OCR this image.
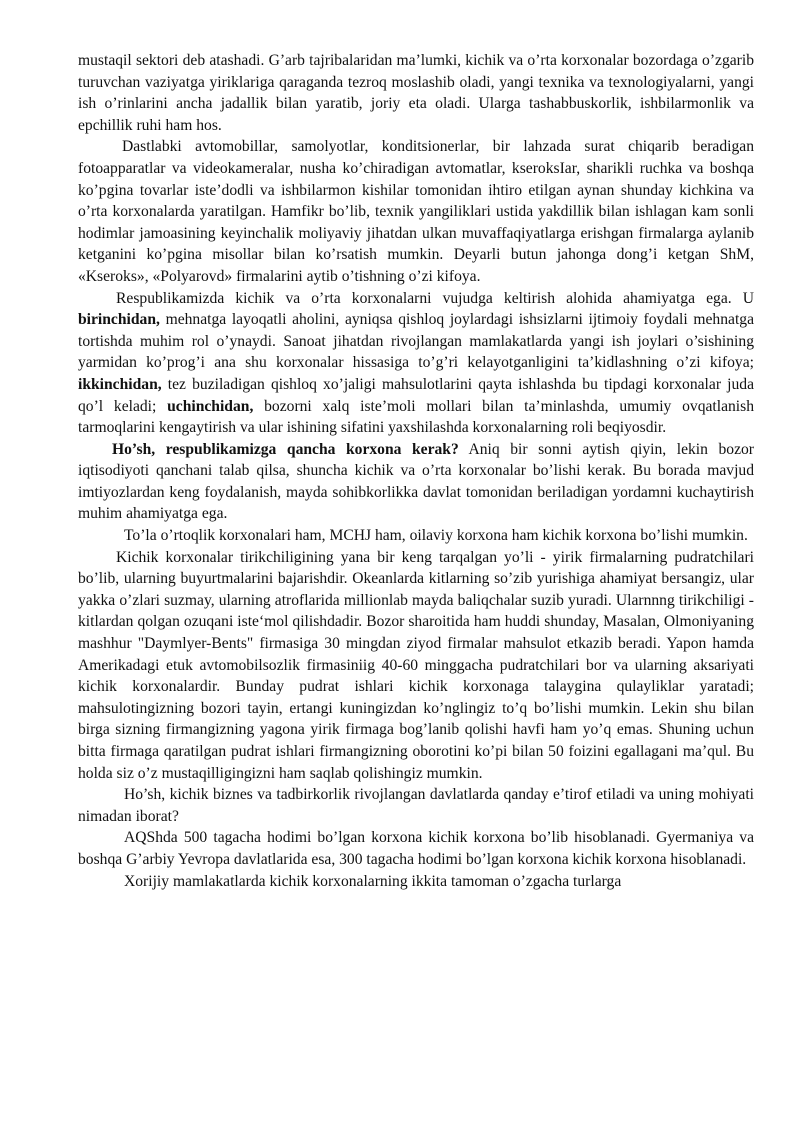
mustaqil sektori deb atashadi. G’arb tajribalaridan ma’lumki, kichik va o’rta korxonalar bozordaga o’zgarib turuvchan vaziyatga yiriklariga qaraganda tezroq moslashib oladi, yangi texnika va texnologiyalarni, yangi ish o’rinlarini ancha jadallik bilan yaratib, joriy eta oladi. Ularga tashabbuskorlik, ishbilarmonlik va epchillik ruhi ham hos.

Dastlabki avtomobillar, samolyotlar, konditsionerlar, bir lahzada surat chiqarib beradigan fotoapparatlar va videokameralar, nusha ko’chiradigan avtomatlar, kseroksIar, sharikli ruchka va boshqa ko’pgina tovarlar iste’dodli va ishbilarmon kishilar tomonidan ihtiro etilgan aynan shunday kichkina va o’rta korxonalarda yaratilgan. Hamfikr bo’lib, texnik yangiliklari ustida yakdillik bilan ishlagan kam sonli hodimlar jamoasining keyinchalik moliyaviy jihatdan ulkan muvaffaqiyatlarga erishgan firmalarga aylanib ketganini ko’pgina misollar bilan ko’rsatish mumkin. Deyarli butun jahonga dong’i ketgan ShM, «Kseroks», «Polyarovd» firmalarini aytib o’tishning o’zi kifoya.

Respublikamizda kichik va o’rta korxonalarni vujudga keltirish alohida ahamiyatga ega. U birinchidan, mehnatga layoqatli aholini, ayniqsa qishloq joylardagi ishsizlarni ijtimoiy foydali mehnatga tortishda muhim rol o’ynaydi. Sanoat jihatdan rivojlangan mamlakatlarda yangi ish joylari o’sishining yarmidan ko’prog’i ana shu korxonalar hissasiga to’g’ri kelayotganligini ta’kidlashning o’zi kifoya; ikkinchidan, tez buziladigan qishloq xo’jaligi mahsulotlarini qayta ishlashda bu tipdagi korxonalar juda qo’l keladi; uchinchidan, bozorni xalq iste’moli mollari bilan ta’minlashda, umumiy ovqatlanish tarmoqlarini kengaytirish va ular ishining sifatini yaxshilashda korxonalarning roli beqiyosdir.

Ho’sh, respublikamizga qancha korxona kerak? Aniq bir sonni aytish qiyin, lekin bozor iqtisodiyoti qanchani talab qilsa, shuncha kichik va o’rta korxonalar bo’lishi kerak. Bu borada mavjud imtiyozlardan keng foydalanish, mayda sohibkorlikka davlat tomonidan beriladigan yordamni kuchaytirish muhim ahamiyatga ega.

To’la o’rtoqlik korxonalari ham, MCHJ ham, oilaviy korxona ham kichik korxona bo’lishi mumkin.

Kichik korxonalar tirikchiligining yana bir keng tarqalgan yo’li - yirik firmalarning pudratchilari bo’lib, ularning buyurtmalarini bajarishdir. Okeanlarda kitlarning so’zib yurishiga ahamiyat bersangiz, ular yakka o’zlari suzmay, ularning atroflarida millionlab mayda baliqchalar suzib yuradi. Ularnnng tirikchiligi - kitlardan qolgan ozuqani iste‘mol qilishdadir. Bozor sharoitida ham huddi shunday, Masalan, Olmoniyaning mashhur "Daymlyer-Bents" firmasiga 30 mingdan ziyod firmalar mahsulot etkazib beradi. Yapon hamda Amerikadagi etuk avtomobilsozlik firmasiniig 40-60 minggacha pudratchilari bor va ularning aksariyati kichik korxonalardir. Bunday pudrat ishlari kichik korxonaga talaygina qulayliklar yaratadi; mahsulotingizning bozori tayin, ertangi kuningizdan ko’nglingiz to’q bo’lishi mumkin. Lekin shu bilan birga sizning firmangizning yagona yirik firmaga bog’lanib qolishi havfi ham yo’q emas. Shuning uchun bitta firmaga qaratilgan pudrat ishlari firmangizning oborotini ko’pi bilan 50 foizini egallagani ma’qul. Bu holda siz o’z mustaqilligingizni ham saqlab qolishingiz mumkin.

Ho’sh, kichik biznes va tadbirkorlik rivojlangan davlatlarda qanday e’tirof etiladi va uning mohiyati nimadan iborat?

AQShda 500 tagacha hodimi bo’lgan korxona kichik korxona bo’lib hisoblanadi. Gyermaniya va boshqa G’arbiy Yevropa davlatlarida esa, 300 tagacha hodimi bo’lgan korxona kichik korxona hisoblanadi.

Xorijiy mamlakatlarda kichik korxonalarning ikkita tamoman o’zgacha turlarga
